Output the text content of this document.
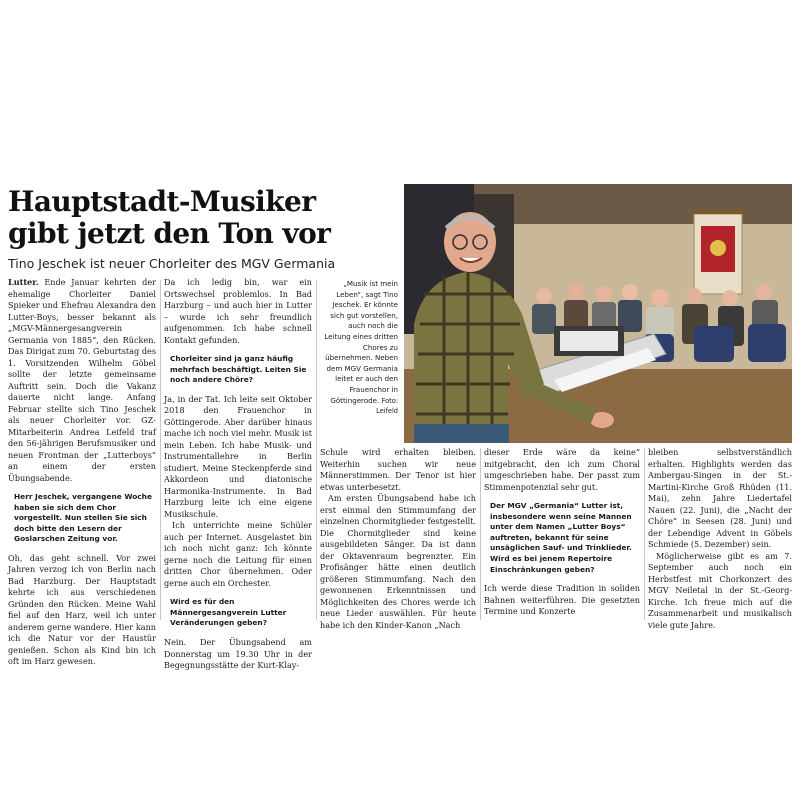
Hauptstadt-Musiker
gibt jetzt den Ton vor
Tino Jeschek ist neuer Chorleiter des MGV Germania

Lutter. Ende Januar kehrten der ehemalige Chorleiter Daniel Spieker und Ehefrau Alexandra den Lutter-Boys, besser bekannt als „MGV-Männergesangverein Germania von 1885“, den Rücken. Das Dirigat zum 70. Geburtstag des 1. Vorsitzenden Wilhelm Göbel sollte der letzte gemeinsame Auftritt sein. Doch die Vakanz dauerte nicht lange. Anfang Februar stellte sich Tino Jeschek als neuer Chorleiter vor. GZ-Mitarbeiterin Andrea Leifeld traf den 56-jährigen Berufsmusiker und neuen Frontman der „Lutterboys“ an einem der ersten Übungsabende.

Herr Jeschek, vergangene Woche haben sie sich dem Chor vorgestellt. Nun stellen Sie sich doch bitte den Lesern der Goslarschen Zeitung vor.

Oh, das geht schnell. Vor zwei Jahren verzog ich von Berlin nach Bad Harzburg. Der Hauptstadt kehrte ich aus verschiedenen Gründen den Rücken. Meine Wahl fiel auf den Harz, weil ich unter anderem gerne wandere. Hier kann ich die Natur vor der Haustür genießen. Schon als Kind bin ich oft im Harz gewesen.

Da ich ledig bin, war ein Ortswechsel problemlos. In Bad Harzburg – und auch hier in Lutter – wurde ich sehr freundlich aufgenommen. Ich habe schnell Kontakt gefunden.

Chorleiter sind ja ganz häufig mehrfach beschäftigt. Leiten Sie noch andere Chöre?

Ja, in der Tat. Ich leite seit Oktober 2018 den Frauenchor in Göttingerode. Aber darüber hinaus mache ich noch viel mehr. Musik ist mein Leben. Ich habe Musik- und Instrumentallehre in Berlin studiert. Meine Steckenpferde sind Akkordeon und diatonische Harmonika-Instrumente. In Bad Harzburg leite ich eine eigene Musikschule.

Ich unterrichte meine Schüler auch per Internet. Ausgelastet bin ich noch nicht ganz: Ich könnte gerne noch die Leitung für einen dritten Chor übernehmen. Oder gerne auch ein Orchester.

Wird es für den Männergesangverein Lutter Veränderungen geben?

Nein. Der Übungsabend am Donnerstag um 19.30 Uhr in der Begegnungsstätte der Kurt-Klay-

„Musik ist mein Leben“, sagt Tino Jeschek. Er könnte sich gut vorstellen, auch noch die Leitung eines dritten Chores zu übernehmen. Neben dem MGV Germania leitet er auch den Frauenchor in Göttingerode. Foto: Leifeld

Schule wird erhalten bleiben. Weiterhin suchen wir neue Männerstimmen. Der Tenor ist hier etwas unterbesetzt.

Am ersten Übungsabend habe ich erst einmal den Stimmumfang der einzelnen Chormitglieder festgestellt. Die Chormitglieder sind keine ausgebildeten Sänger. Da ist dann der Oktavenraum begrenzter. Ein Profisänger hätte einen deutlich größeren Stimmumfang. Nach den gewonnenen Erkenntnissen und Möglichkeiten des Chores werde ich neue Lieder auswählen. Für heute habe ich den Kinder-Kanon „Nach

dieser Erde wäre da keine“ mitgebracht, den ich zum Choral umgeschrieben habe. Der passt zum Stimmenpotenzial sehr gut.

Der MGV „Germania“ Lutter ist, insbesondere wenn seine Mannen unter dem Namen „Lutter Boys“ auftreten, bekannt für seine unsäglichen Sauf- und Trinklieder. Wird es bei jenem Repertoire Einschränkungen geben?

Ich werde diese Tradition in soliden Bahnen weiterführen. Die gesetzten Termine und Konzerte

bleiben selbstverständlich erhalten. Highlights werden das Ambergau-Singen in der St.-Martini-Kirche Groß Rhüden (11. Mai), zehn Jahre Liedertafel Nauen (22. Juni), die „Nacht der Chöre“ in Seesen (28. Juni) und der Lebendige Advent in Göbels Schmiede (5. Dezember) sein.

Möglicherweise gibt es am 7. September auch noch ein Herbstfest mit Chorkonzert des MGV Neiletal in der St.-Georg-Kirche. Ich freue mich auf die Zusammenarbeit und musikalisch viele gute Jahre.
